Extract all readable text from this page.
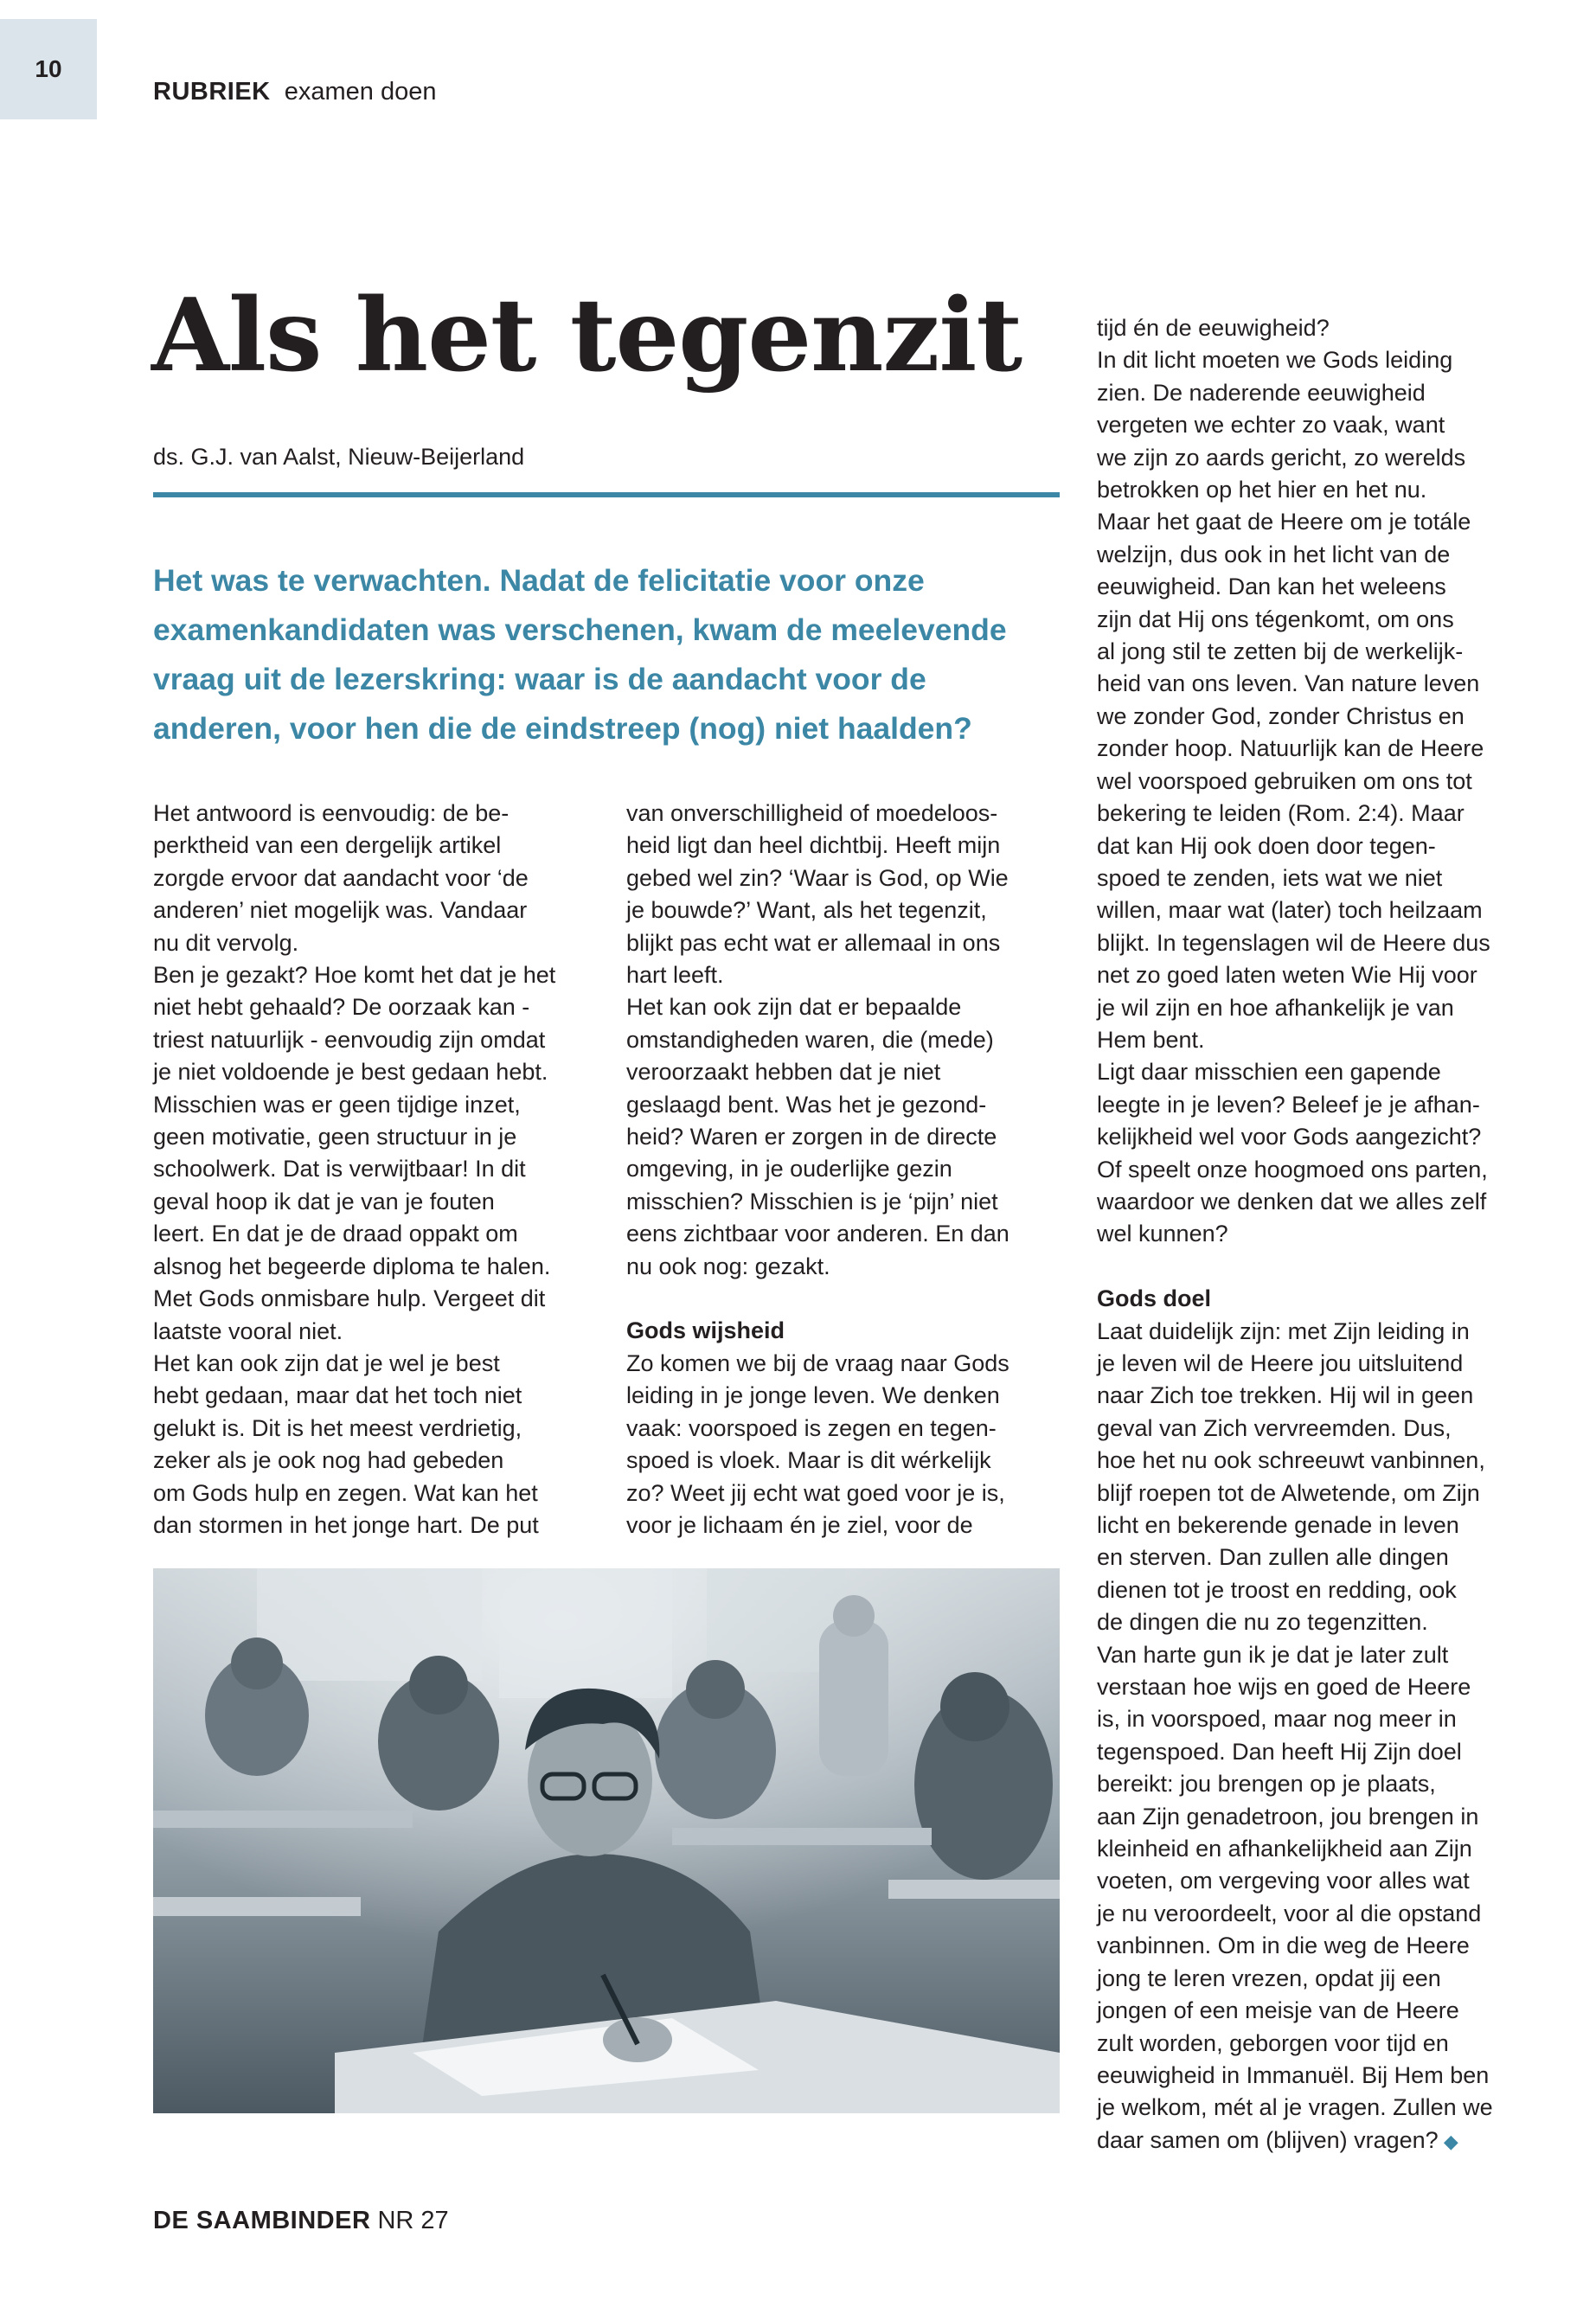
10
RUBRIEK examen doen
Als het tegenzit
ds. G.J. van Aalst, Nieuw-Beijerland

Het was te verwachten. Nadat de felicitatie voor onze
examenkandidaten was verschenen, kwam de meelevende
vraag uit de lezerskring: waar is de aandacht voor de
anderen, voor hen die de eindstreep (nog) niet haalden?

Het antwoord is eenvoudig: de be-
perktheid van een dergelijk artikel
zorgde ervoor dat aandacht voor ‘de
anderen’ niet mogelijk was. Vandaar
nu dit vervolg.
Ben je gezakt? Hoe komt het dat je het
niet hebt gehaald? De oorzaak kan -
triest natuurlijk - eenvoudig zijn omdat
je niet voldoende je best gedaan hebt.
Misschien was er geen tijdige inzet,
geen motivatie, geen structuur in je
schoolwerk. Dat is verwijtbaar! In dit
geval hoop ik dat je van je fouten
leert. En dat je de draad oppakt om
alsnog het begeerde diploma te halen.
Met Gods onmisbare hulp. Vergeet dit
laatste vooral niet.
Het kan ook zijn dat je wel je best
hebt gedaan, maar dat het toch niet
gelukt is. Dit is het meest verdrietig,
zeker als je ook nog had gebeden
om Gods hulp en zegen. Wat kan het
dan stormen in het jonge hart. De put

van onverschilligheid of moedeloos-
heid ligt dan heel dichtbij. Heeft mijn
gebed wel zin? ‘Waar is God, op Wie
je bouwde?’ Want, als het tegenzit,
blijkt pas echt wat er allemaal in ons
hart leeft.
Het kan ook zijn dat er bepaalde
omstandigheden waren, die (mede)
veroorzaakt hebben dat je niet
geslaagd bent. Was het je gezond-
heid? Waren er zorgen in de directe
omgeving, in je ouderlijke gezin
misschien? Misschien is je ‘pijn’ niet
eens zichtbaar voor anderen. En dan
nu ook nog: gezakt.

Gods wijsheid

Zo komen we bij de vraag naar Gods
leiding in je jonge leven. We denken
vaak: voorspoed is zegen en tegen-
spoed is vloek. Maar is dit wérkelijk
zo? Weet jij echt wat goed voor je is,
voor je lichaam én je ziel, voor de

tijd én de eeuwigheid?
In dit licht moeten we Gods leiding
zien. De naderende eeuwigheid
vergeten we echter zo vaak, want
we zijn zo aards gericht, zo werelds
betrokken op het hier en het nu.
Maar het gaat de Heere om je totále
welzijn, dus ook in het licht van de
eeuwigheid. Dan kan het weleens
zijn dat Hij ons tégenkomt, om ons
al jong stil te zetten bij de werkelijk-
heid van ons leven. Van nature leven
we zonder God, zonder Christus en
zonder hoop. Natuurlijk kan de Heere
wel voorspoed gebruiken om ons tot
bekering te leiden (Rom. 2:4). Maar
dat kan Hij ook doen door tegen-
spoed te zenden, iets wat we niet
willen, maar wat (later) toch heilzaam
blijkt. In tegenslagen wil de Heere dus
net zo goed laten weten Wie Hij voor
je wil zijn en hoe afhankelijk je van
Hem bent.
Ligt daar misschien een gapende
leegte in je leven? Beleef je je afhan-
kelijkheid wel voor Gods aangezicht?
Of speelt onze hoogmoed ons parten,
waardoor we denken dat we alles zelf
wel kunnen?

Gods doel

Laat duidelijk zijn: met Zijn leiding in
je leven wil de Heere jou uitsluitend
naar Zich toe trekken. Hij wil in geen
geval van Zich vervreemden. Dus,
hoe het nu ook schreeuwt vanbinnen,
blijf roepen tot de Alwetende, om Zijn
licht en bekerende genade in leven
en sterven. Dan zullen alle dingen
dienen tot je troost en redding, ook
de dingen die nu zo tegenzitten.
Van harte gun ik je dat je later zult
verstaan hoe wijs en goed de Heere
is, in voorspoed, maar nog meer in
tegenspoed. Dan heeft Hij Zijn doel
bereikt: jou brengen op je plaats,
aan Zijn genadetroon, jou brengen in
kleinheid en afhankelijkheid aan Zijn
voeten, om vergeving voor alles wat
je nu veroordeelt, voor al die opstand
vanbinnen. Om in die weg de Heere
jong te leren vrezen, opdat jij een
jongen of een meisje van de Heere
zult worden, geborgen voor tijd en
eeuwigheid in Immanuël. Bij Hem ben
je welkom, mét al je vragen. Zullen we
daar samen om (blijven) vragen? ◆

DE SAAMBINDER NR 27
